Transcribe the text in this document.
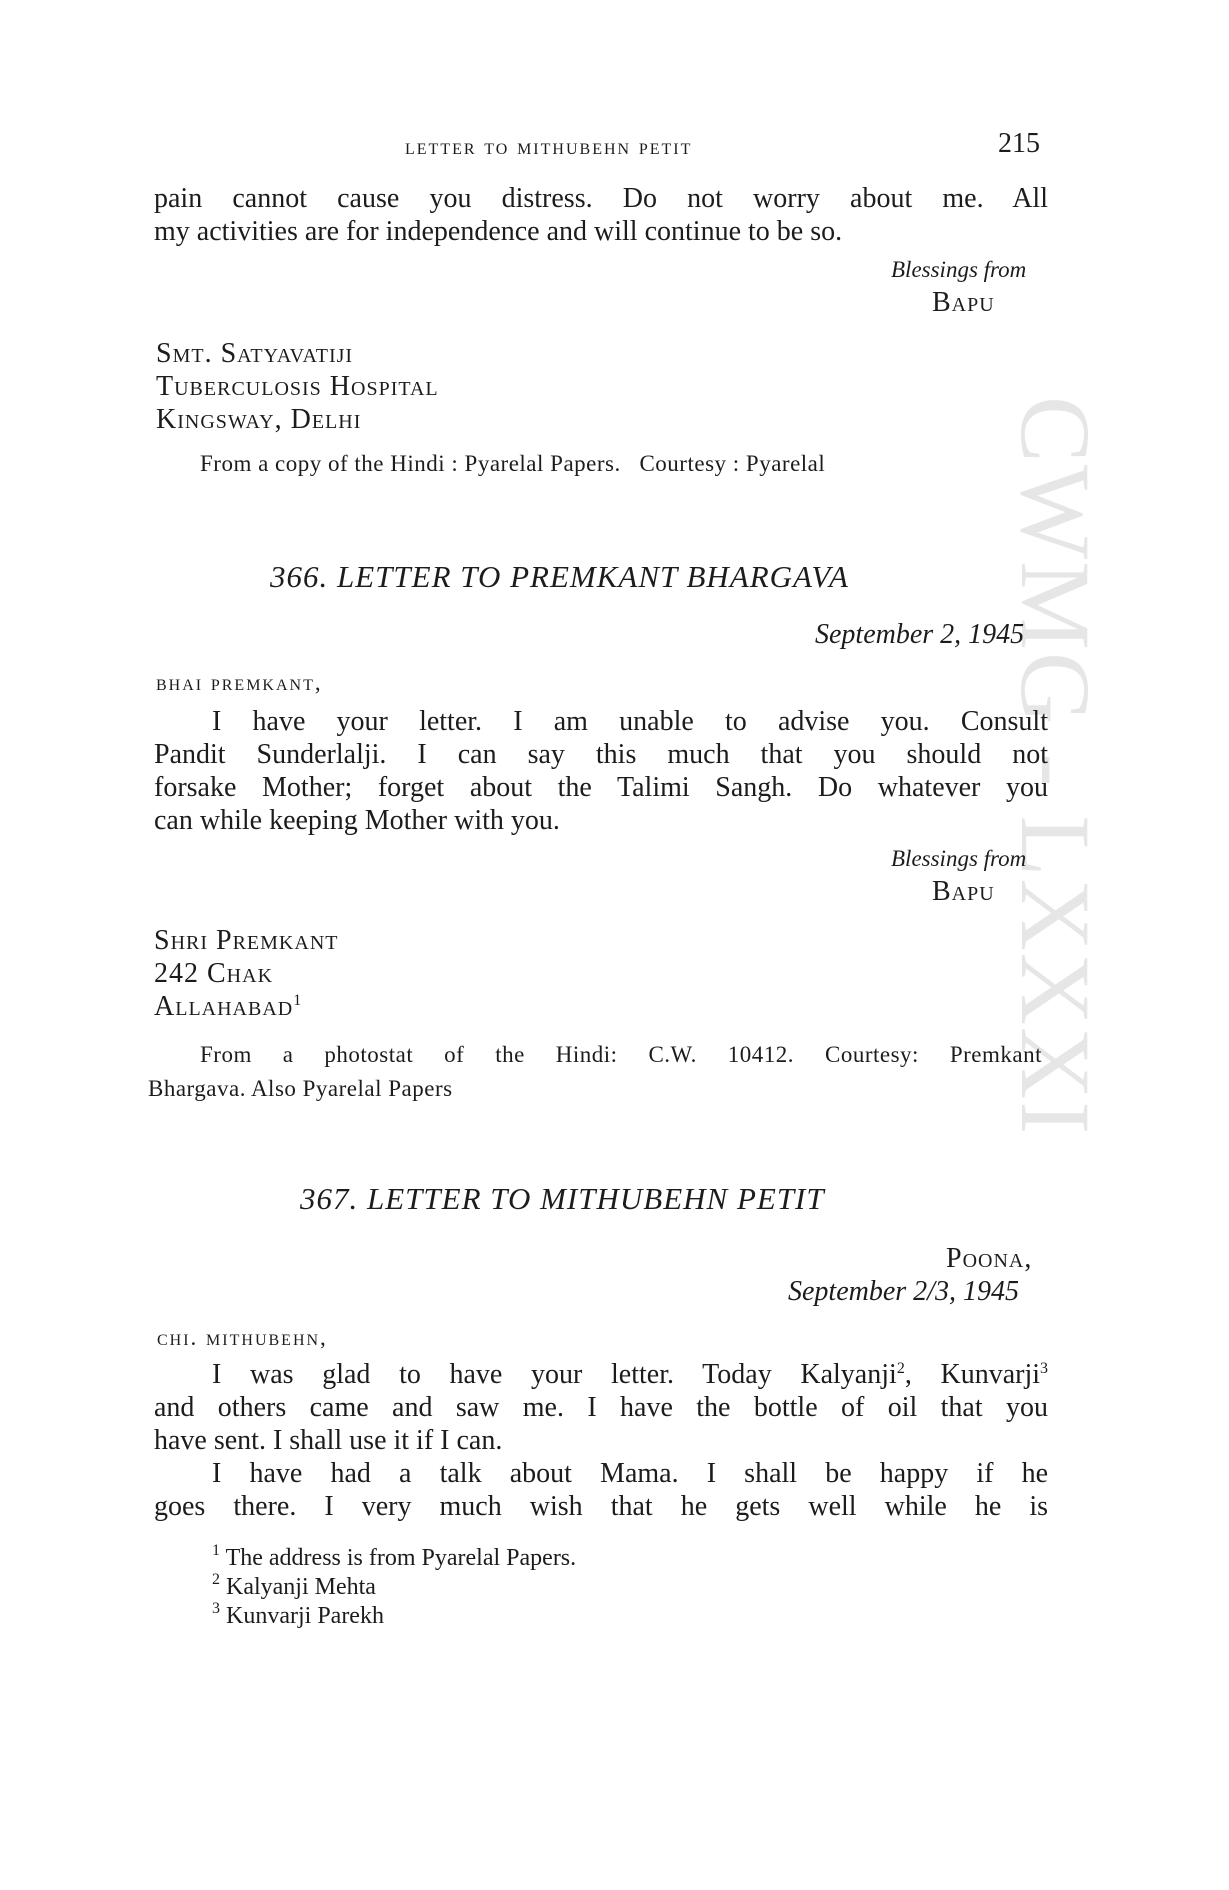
CWMG - LXXXI
letter to mithubehn petit	215
pain cannot cause you distress. Do not worry about me. All
my activities are for independence and will continue to be so.
Blessings from
Bapu
Smt. Satyavatiji
Tuberculosis Hospital
Kingsway, Delhi
From a copy of the Hindi : Pyarelal Papers.   Courtesy : Pyarelal
366. LETTER TO PREMKANT BHARGAVA
September 2, 1945
bhai premkant,
I have your letter. I am unable to advise you. Consult
Pandit Sunderlalji. I can say this much that you should not
forsake Mother; forget about the Talimi Sangh. Do whatever you
can while keeping Mother with you.
Blessings from
Bapu
Shri Premkant
242 Chak
Allahabad$^1$
From a photostat of the Hindi: C.W. 10412. Courtesy: Premkant
Bhargava. Also Pyarelal Papers
367. LETTER TO MITHUBEHN PETIT
Poona,
September 2/3, 1945
chi. mithubehn,
I was glad to have your letter. Today Kalyanji$^2$, Kunvarji$^3$
and others came and saw me. I have the bottle of oil that you
have sent. I shall use it if I can.
I have had a talk about Mama. I shall be happy if he
goes there. I very much wish that he gets well while he is
$^1$ The address is from Pyarelal Papers.
$^2$ Kalyanji Mehta
$^3$ Kunvarji Parekh
